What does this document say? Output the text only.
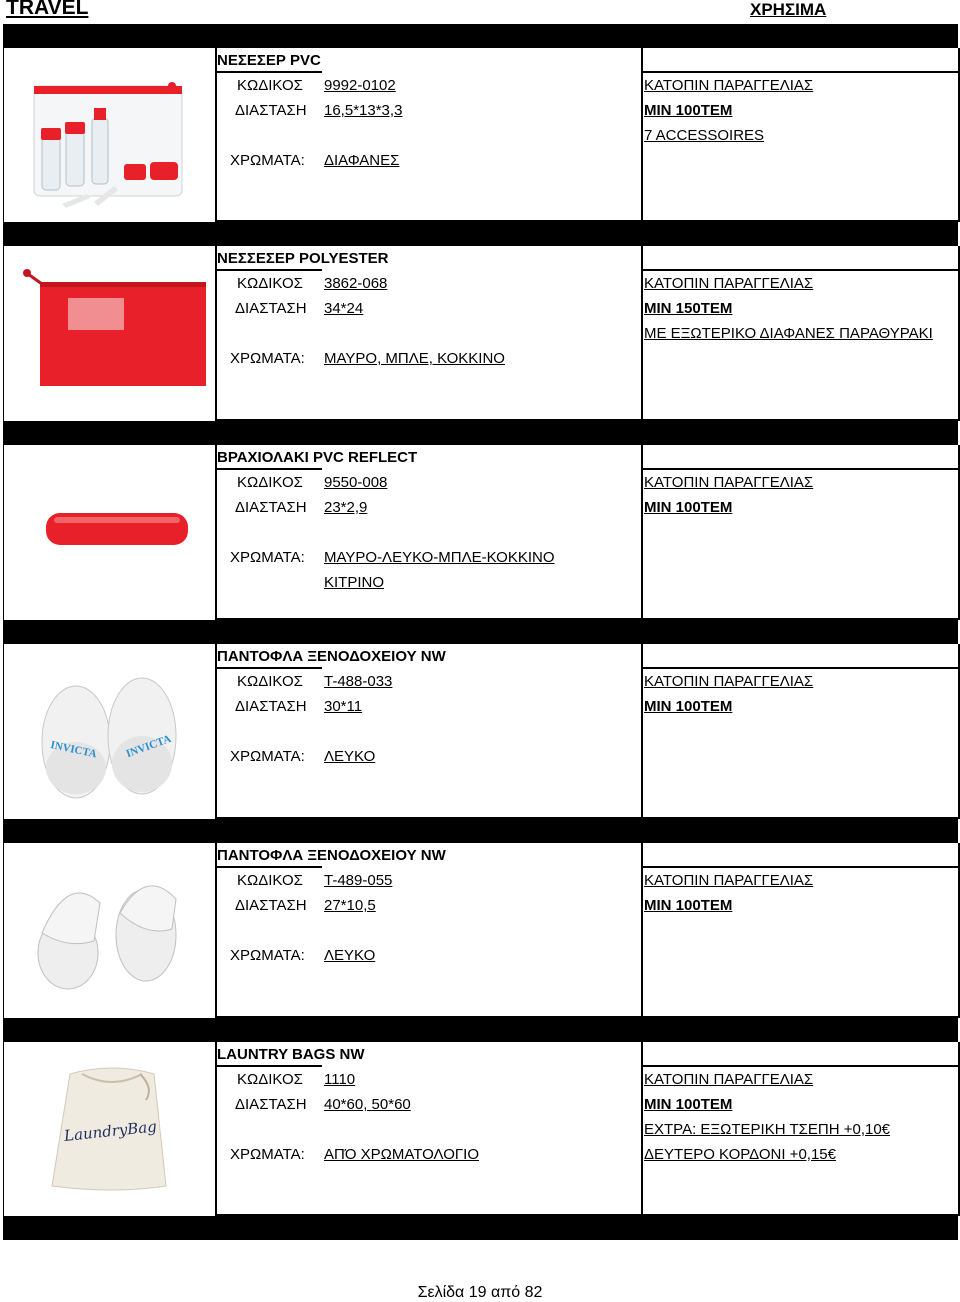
TRAVEL	ΧΡΗΣΙΜΑ
ΝΕΣΕΣΕΡ PVC
ΚΩΔΙΚΟΣ 9992-0102
ΔΙΑΣΤΑΣΗ 16,5*13*3,3
ΧΡΩΜΑΤΑ: ΔΙΑΦΑΝΕΣ
ΚΑΤΟΠΙΝ ΠΑΡΑΓΓΕΛΙΑΣ
MIN 100TEM
7 ACCESSOIRES
ΝΕΣΣΕΣΕΡ POLYESTER
ΚΩΔΙΚΟΣ 3862-068
ΔΙΑΣΤΑΣΗ 34*24
ΧΡΩΜΑΤΑ: ΜΑΥΡΟ, ΜΠΛΕ, ΚΟΚΚΙΝΟ
ΚΑΤΟΠΙΝ ΠΑΡΑΓΓΕΛΙΑΣ
MIN 150TEM
ΜΕ ΕΞΩΤΕΡΙΚΟ ΔΙΑΦΑΝΕΣ ΠΑΡΑΘΥΡΑΚΙ
ΒΡΑΧΙΟΛΑΚΙ PVC REFLECT
ΚΩΔΙΚΟΣ 9550-008
ΔΙΑΣΤΑΣΗ 23*2,9
ΧΡΩΜΑΤΑ: ΜΑΥΡΟ-ΛΕΥΚΟ-ΜΠΛΕ-ΚΟΚΚΙΝΟ
ΚΙΤΡΙΝΟ
ΚΑΤΟΠΙΝ ΠΑΡΑΓΓΕΛΙΑΣ
MIN 100TEM
INVICTA INVICTA
ΠΑΝΤΟΦΛΑ ΞΕΝΟΔΟΧΕΙΟΥ NW
ΚΩΔΙΚΟΣ T-488-033
ΔΙΑΣΤΑΣΗ 30*11
ΧΡΩΜΑΤΑ: ΛΕΥΚΟ
ΚΑΤΟΠΙΝ ΠΑΡΑΓΓΕΛΙΑΣ
MIN 100TEM
ΠΑΝΤΟΦΛΑ ΞΕΝΟΔΟΧΕΙΟΥ NW
ΚΩΔΙΚΟΣ T-489-055
ΔΙΑΣΤΑΣΗ 27*10,5
ΧΡΩΜΑΤΑ: ΛΕΥΚΟ
ΚΑΤΟΠΙΝ ΠΑΡΑΓΓΕΛΙΑΣ
MIN 100TEM
LaundryBag
LAUNTRY BAGS NW
ΚΩΔΙΚΟΣ 1110
ΔΙΑΣΤΑΣΗ 40*60, 50*60
ΧΡΩΜΑΤΑ: ΑΠΌ ΧΡΩΜΑΤΟΛΟΓΙΟ
ΚΑΤΟΠΙΝ ΠΑΡΑΓΓΕΛΙΑΣ
MIN 100TEM
ΕΧΤΡΑ: ΕΞΩΤΕΡΙΚΗ ΤΣΕΠΗ +0,10€
ΔΕΥΤΕΡΟ ΚΟΡΔΟΝΙ +0,15€
Σελίδα 19 από 82
